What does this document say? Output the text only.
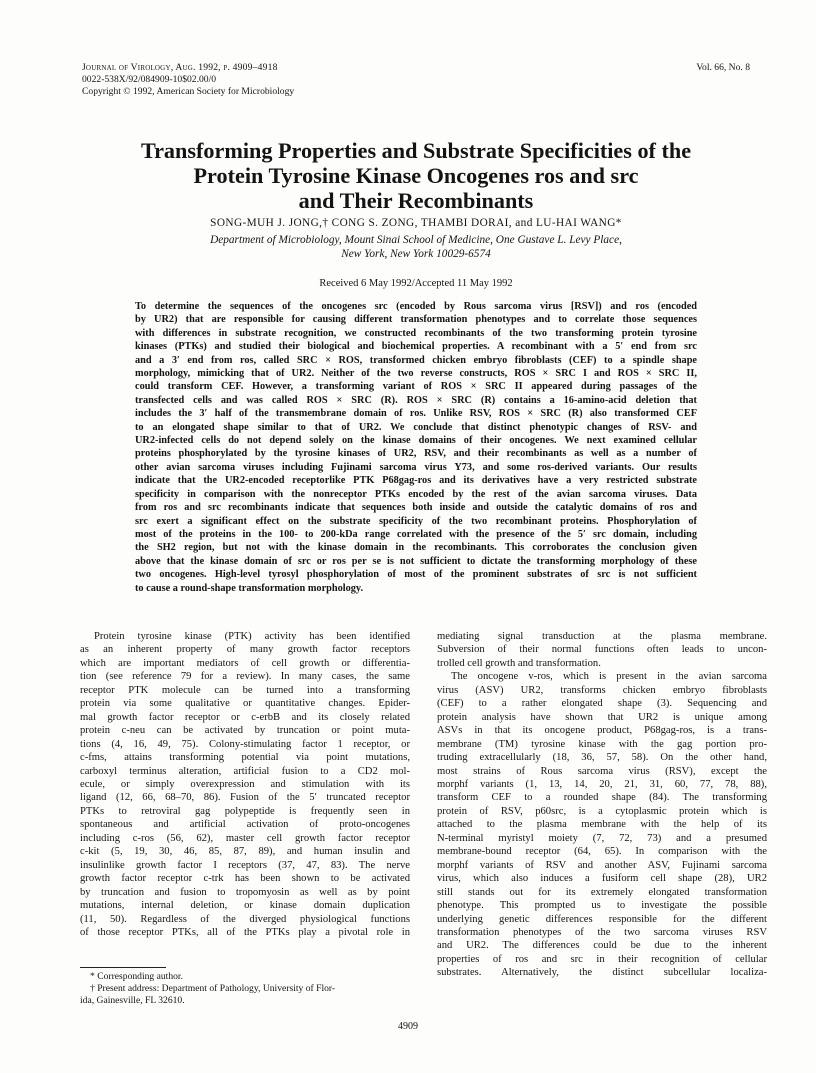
Journal of Virology, Aug. 1992, p. 4909–4918	Vol. 66, No. 8
0022-538X/92/084909-10$02.00/0
Copyright © 1992, American Society for Microbiology
Transforming Properties and Substrate Specificities of the
Protein Tyrosine Kinase Oncogenes ros and src
and Their Recombinants
SONG-MUH J. JONG,† CONG S. ZONG, THAMBI DORAI, and LU-HAI WANG*
Department of Microbiology, Mount Sinai School of Medicine, One Gustave L. Levy Place,
New York, New York 10029-6574
Received 6 May 1992/Accepted 11 May 1992
To determine the sequences of the oncogenes src (encoded by Rous sarcoma virus [RSV]) and ros (encoded
by UR2) that are responsible for causing different transformation phenotypes and to correlate those sequences
with differences in substrate recognition, we constructed recombinants of the two transforming protein tyrosine
kinases (PTKs) and studied their biological and biochemical properties. A recombinant with a 5′ end from src
and a 3′ end from ros, called SRC × ROS, transformed chicken embryo fibroblasts (CEF) to a spindle shape
morphology, mimicking that of UR2. Neither of the two reverse constructs, ROS × SRC I and ROS × SRC II,
could transform CEF. However, a transforming variant of ROS × SRC II appeared during passages of the
transfected cells and was called ROS × SRC (R). ROS × SRC (R) contains a 16-amino-acid deletion that
includes the 3′ half of the transmembrane domain of ros. Unlike RSV, ROS × SRC (R) also transformed CEF
to an elongated shape similar to that of UR2. We conclude that distinct phenotypic changes of RSV- and
UR2-infected cells do not depend solely on the kinase domains of their oncogenes. We next examined cellular
proteins phosphorylated by the tyrosine kinases of UR2, RSV, and their recombinants as well as a number of
other avian sarcoma viruses including Fujinami sarcoma virus Y73, and some ros-derived variants. Our results
indicate that the UR2-encoded receptorlike PTK P68gag-ros and its derivatives have a very restricted substrate
specificity in comparison with the nonreceptor PTKs encoded by the rest of the avian sarcoma viruses. Data
from ros and src recombinants indicate that sequences both inside and outside the catalytic domains of ros and
src exert a significant effect on the substrate specificity of the two recombinant proteins. Phosphorylation of
most of the proteins in the 100- to 200-kDa range correlated with the presence of the 5′ src domain, including
the SH2 region, but not with the kinase domain in the recombinants. This corroborates the conclusion given
above that the kinase domain of src or ros per se is not sufficient to dictate the transforming morphology of these
two oncogenes. High-level tyrosyl phosphorylation of most of the prominent substrates of src is not sufficient
to cause a round-shape transformation morphology.
Protein tyrosine kinase (PTK) activity has been identified
as an inherent property of many growth factor receptors
which are important mediators of cell growth or differentia-
tion (see reference 79 for a review). In many cases, the same
receptor PTK molecule can be turned into a transforming
protein via some qualitative or quantitative changes. Epider-
mal growth factor receptor or c-erbB and its closely related
protein c-neu can be activated by truncation or point muta-
tions (4, 16, 49, 75). Colony-stimulating factor 1 receptor, or
c-fms, attains transforming potential via point mutations,
carboxyl terminus alteration, artificial fusion to a CD2 mol-
ecule, or simply overexpression and stimulation with its
ligand (12, 66, 68–70, 86). Fusion of the 5′ truncated receptor
PTKs to retroviral gag polypeptide is frequently seen in
spontaneous and artificial activation of proto-oncogenes
including c-ros (56, 62), master cell growth factor receptor
c-kit (5, 19, 30, 46, 85, 87, 89), and human insulin and
insulinlike growth factor I receptors (37, 47, 83). The nerve
growth factor receptor c-trk has been shown to be activated
by truncation and fusion to tropomyosin as well as by point
mutations, internal deletion, or kinase domain duplication
(11, 50). Regardless of the diverged physiological functions
of those receptor PTKs, all of the PTKs play a pivotal role in
mediating signal transduction at the plasma membrane.
Subversion of their normal functions often leads to uncon-
trolled cell growth and transformation.
The oncogene v-ros, which is present in the avian sarcoma
virus (ASV) UR2, transforms chicken embryo fibroblasts
(CEF) to a rather elongated shape (3). Sequencing and
protein analysis have shown that UR2 is unique among
ASVs in that its oncogene product, P68gag-ros, is a trans-
membrane (TM) tyrosine kinase with the gag portion pro-
truding extracellularly (18, 36, 57, 58). On the other hand,
most strains of Rous sarcoma virus (RSV), except the
morphf variants (1, 13, 14, 20, 21, 31, 60, 77, 78, 88),
transform CEF to a rounded shape (84). The transforming
protein of RSV, p60src, is a cytoplasmic protein which is
attached to the plasma membrane with the help of its
N-terminal myristyl moiety (7, 72, 73) and a presumed
membrane-bound receptor (64, 65). In comparison with the
morphf variants of RSV and another ASV, Fujinami sarcoma
virus, which also induces a fusiform cell shape (28), UR2
still stands out for its extremely elongated transformation
phenotype. This prompted us to investigate the possible
underlying genetic differences responsible for the different
transformation phenotypes of the two sarcoma viruses RSV
and UR2. The differences could be due to the inherent
properties of ros and src in their recognition of cellular
substrates. Alternatively, the distinct subcellular localiza-
* Corresponding author.
† Present address: Department of Pathology, University of Flor-
ida, Gainesville, FL 32610.
4909
